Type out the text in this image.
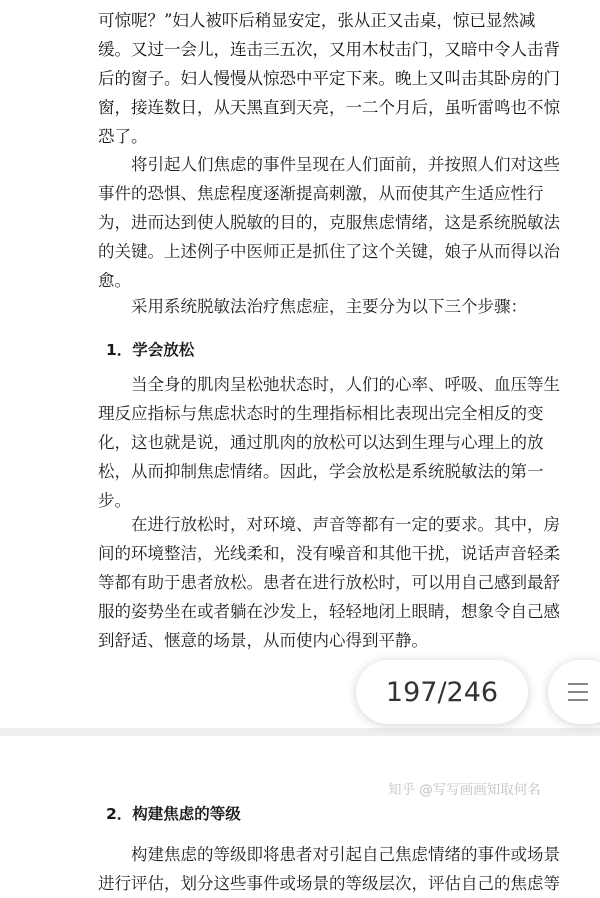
可惊呢？”妇人被吓后稍显安定，张从正又击桌，惊已显然减
缓。又过一会儿，连击三五次，又用木杖击门，又暗中令人击背
后的窗子。妇人慢慢从惊恐中平定下来。晚上又叫击其卧房的门
窗，接连数日，从天黑直到天亮，一二个月后，虽听雷鸣也不惊
恐了。
将引起人们焦虑的事件呈现在人们面前，并按照人们对这些
事件的恐惧、焦虑程度逐渐提高刺激，从而使其产生适应性行
为，进而达到使人脱敏的目的，克服焦虑情绪，这是系统脱敏法
的关键。上述例子中医师正是抓住了这个关键，娘子从而得以治
愈。
采用系统脱敏法治疗焦虑症，主要分为以下三个步骤：
1．学会放松
当全身的肌肉呈松弛状态时，人们的心率、呼吸、血压等生
理反应指标与焦虑状态时的生理指标相比表现出完全相反的变
化，这也就是说，通过肌肉的放松可以达到生理与心理上的放
松，从而抑制焦虑情绪。因此，学会放松是系统脱敏法的第一
步。
在进行放松时，对环境、声音等都有一定的要求。其中，房
间的环境整洁，光线柔和，没有噪音和其他干扰，说话声音轻柔
等都有助于患者放松。患者在进行放松时，可以用自己感到最舒
服的姿势坐在或者躺在沙发上，轻轻地闭上眼睛，想象令自己感
到舒适、惬意的场景，从而使内心得到平静。
2．构建焦虑的等级
构建焦虑的等级即将患者对引起自己焦虑情绪的事件或场景
进行评估，划分这些事件或场景的等级层次，评估自己的焦虑等
知乎 @写写画画知取何名
197/246
